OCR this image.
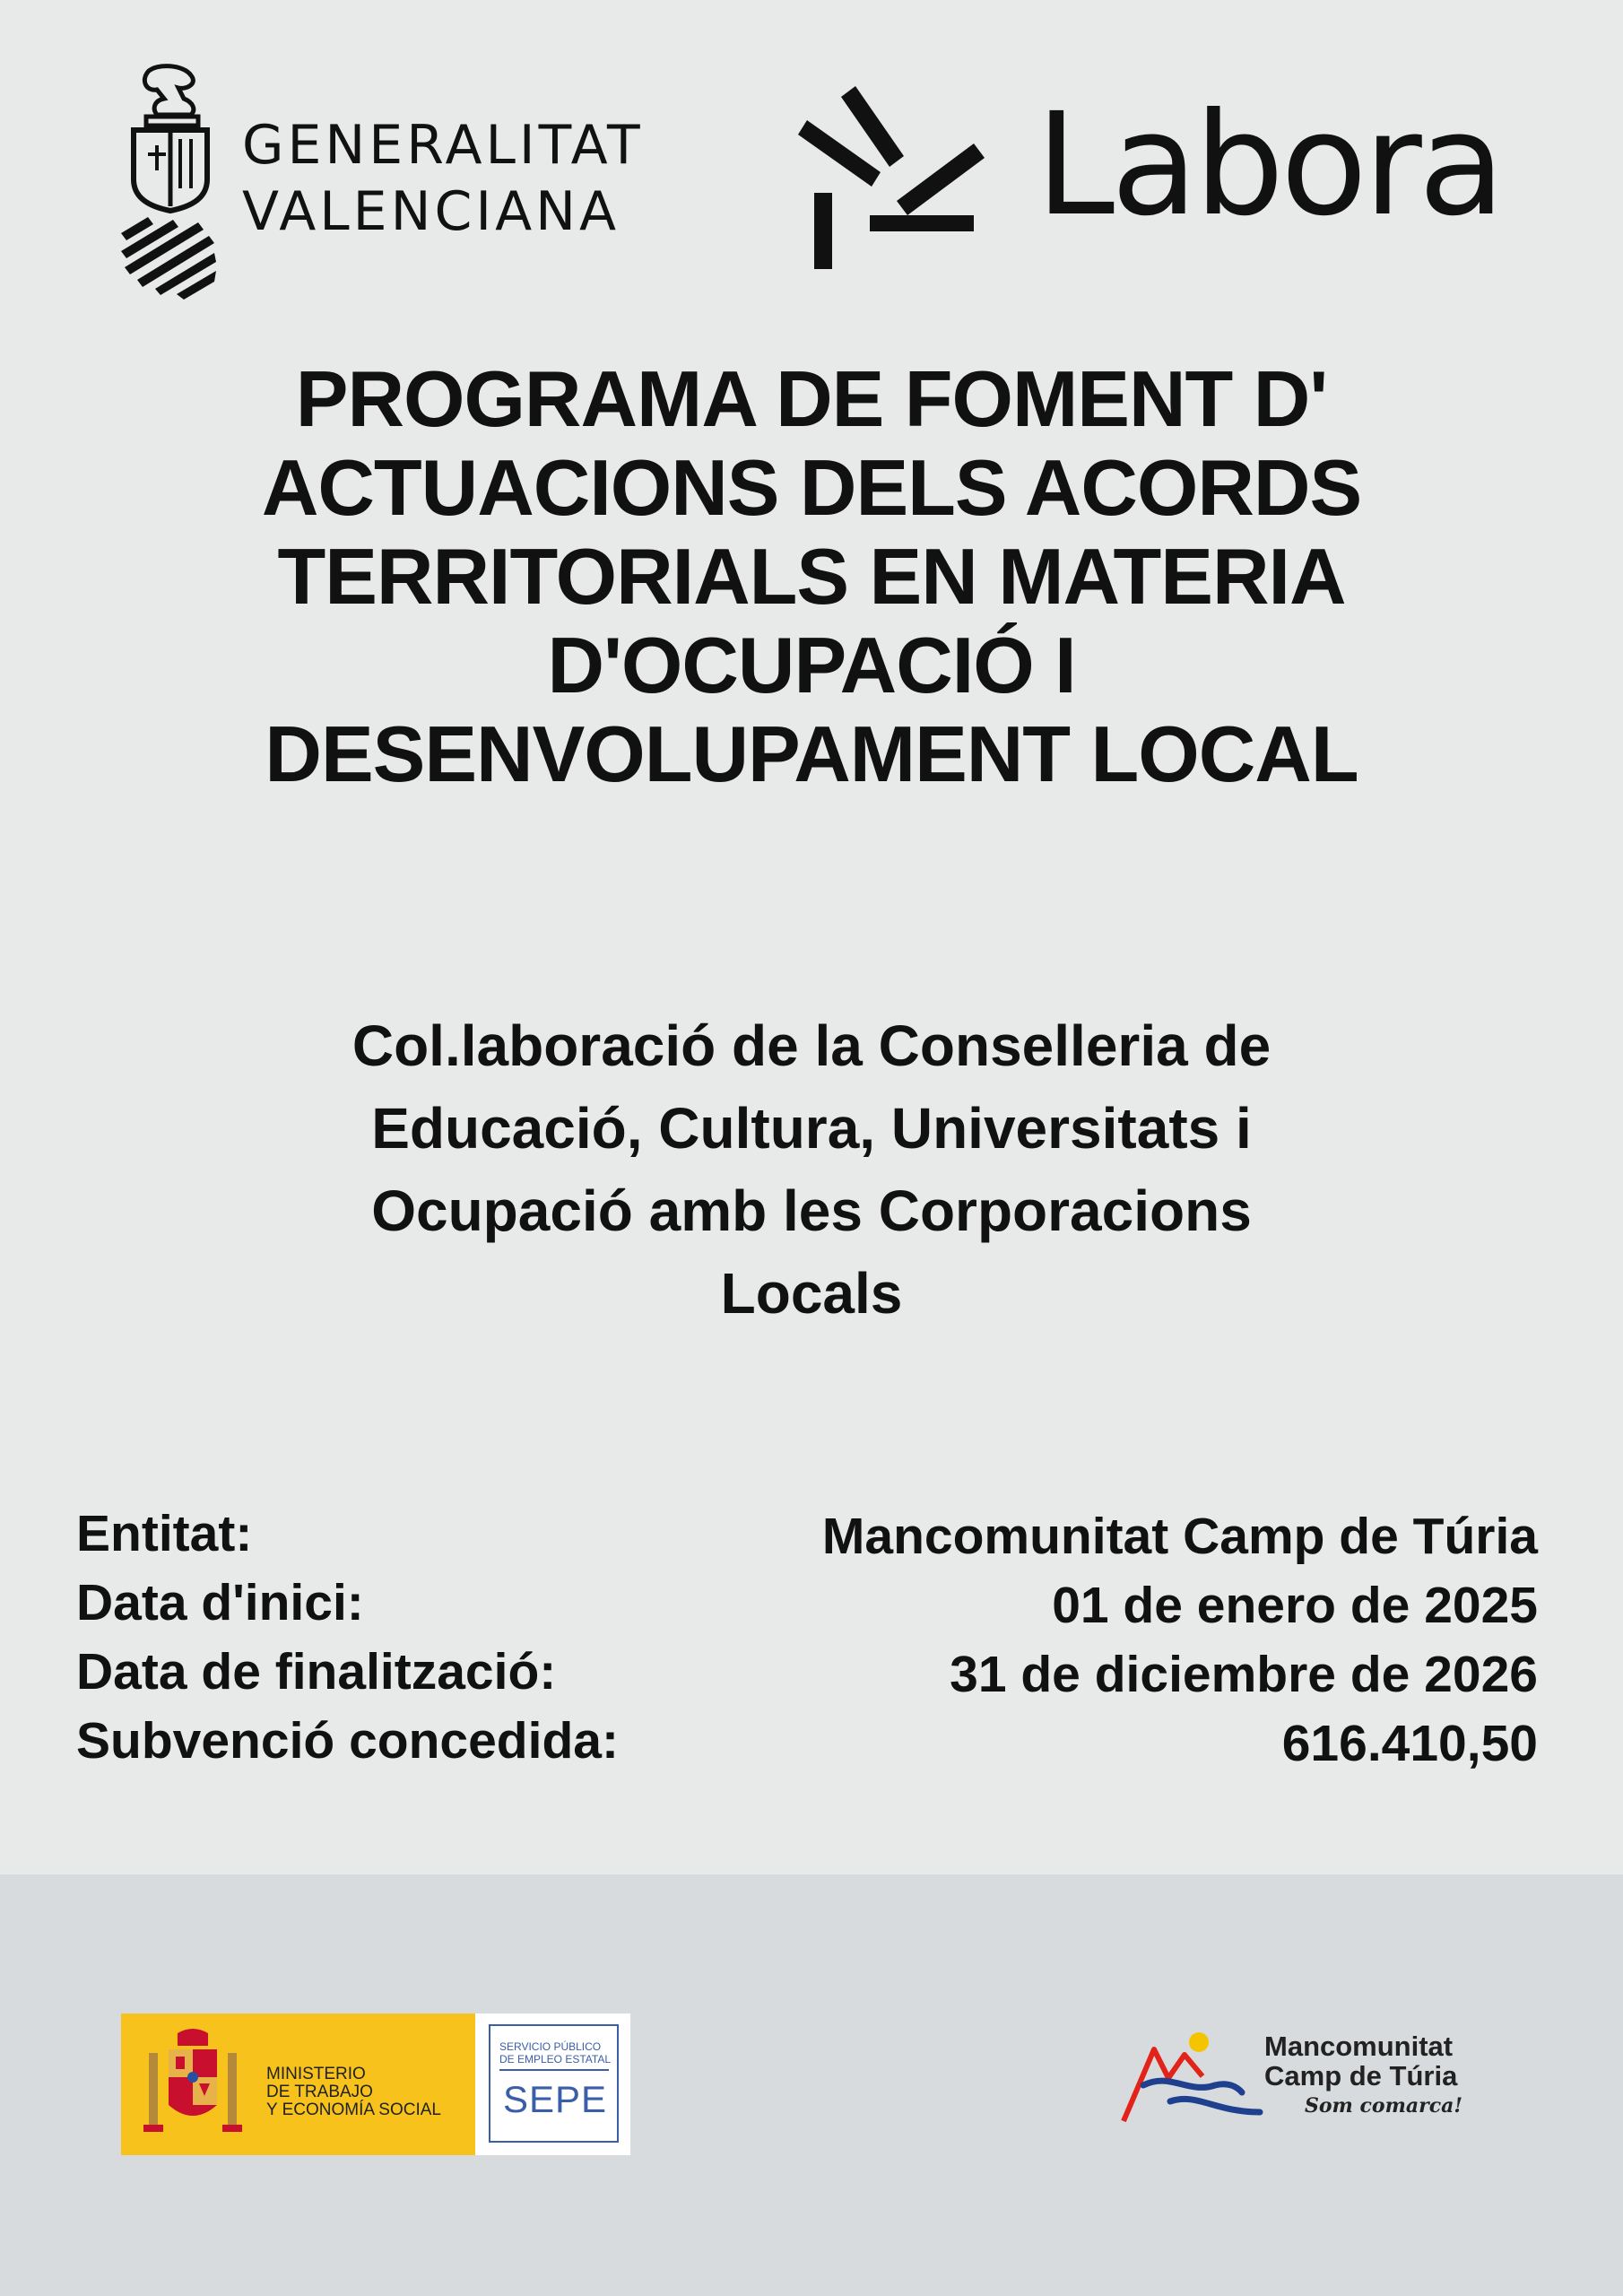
GENERALITAT
VALENCIANA	Labora
PROGRAMA DE FOMENT D'
ACTUACIONS DELS ACORDS
TERRITORIALS EN MATERIA
D'OCUPACIÓ I
DESENVOLUPAMENT LOCAL
Col.laboració de la Conselleria de
Educació, Cultura, Universitats i
Ocupació amb les Corporacions
Locals
Entitat:
Data d'inici:
Data de finalització:
Subvenció concedida:
Mancomunitat Camp de Túria
01 de enero de 2025
31 de diciembre de 2026
616.410,50
MINISTERIO
DE TRABAJO
Y ECONOMÍA SOCIAL
SERVICIO PÚBLICO
DE EMPLEO ESTATAL
SEPE
Mancomunitat
Camp de Túria
Som comarca!
